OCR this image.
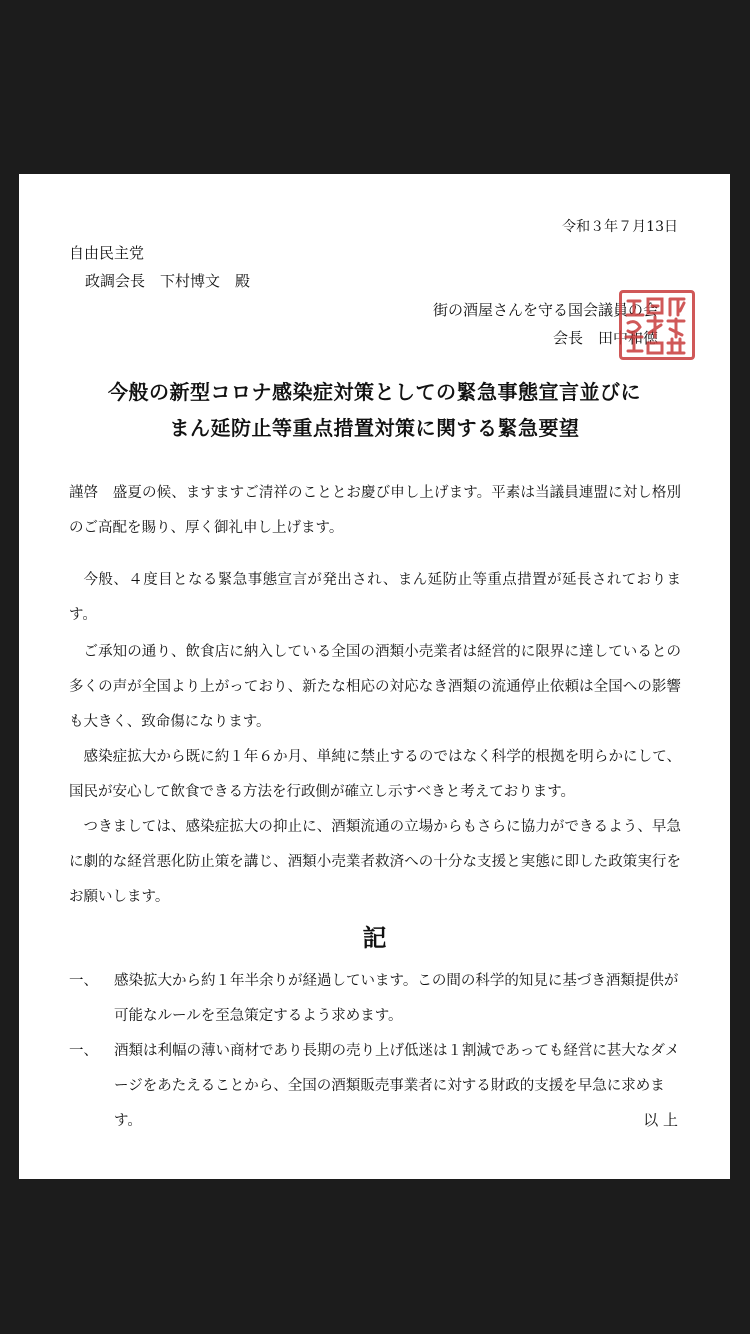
令和３年７月13日
自由民主党
政調会長　下村博文　殿
街の酒屋さんを守る国会議員の会
会長　田中和徳
今般の新型コロナ感染症対策としての緊急事態宣言並びに
まん延防止等重点措置対策に関する緊急要望
謹啓　盛夏の候、ますますご清祥のこととお慶び申し上げます。平素は当議員連盟に対し格別のご高配を賜り、厚く御礼申し上げます。
今般、４度目となる緊急事態宣言が発出され、まん延防止等重点措置が延長されております。
ご承知の通り、飲食店に納入している全国の酒類小売業者は経営的に限界に達しているとの多くの声が全国より上がっており、新たな相応の対応なき酒類の流通停止依頼は全国への影響も大きく、致命傷になります。
感染症拡大から既に約１年６か月、単純に禁止するのではなく科学的根拠を明らかにして、国民が安心して飲食できる方法を行政側が確立し示すべきと考えております。
つきましては、感染症拡大の抑止に、酒類流通の立場からもさらに協力ができるよう、早急に劇的な経営悪化防止策を講じ、酒類小売業者救済への十分な支援と実態に即した政策実行をお願いします。
記
一、 感染拡大から約１年半余りが経過しています。この間の科学的知見に基づき酒類提供が可能なルールを至急策定するよう求めます。
一、 酒類は利幅の薄い商材であり長期の売り上げ低迷は１割減であっても経営に甚大なダメージをあたえることから、全国の酒類販売事業者に対する財政的支援を早急に求めます。	以 上
